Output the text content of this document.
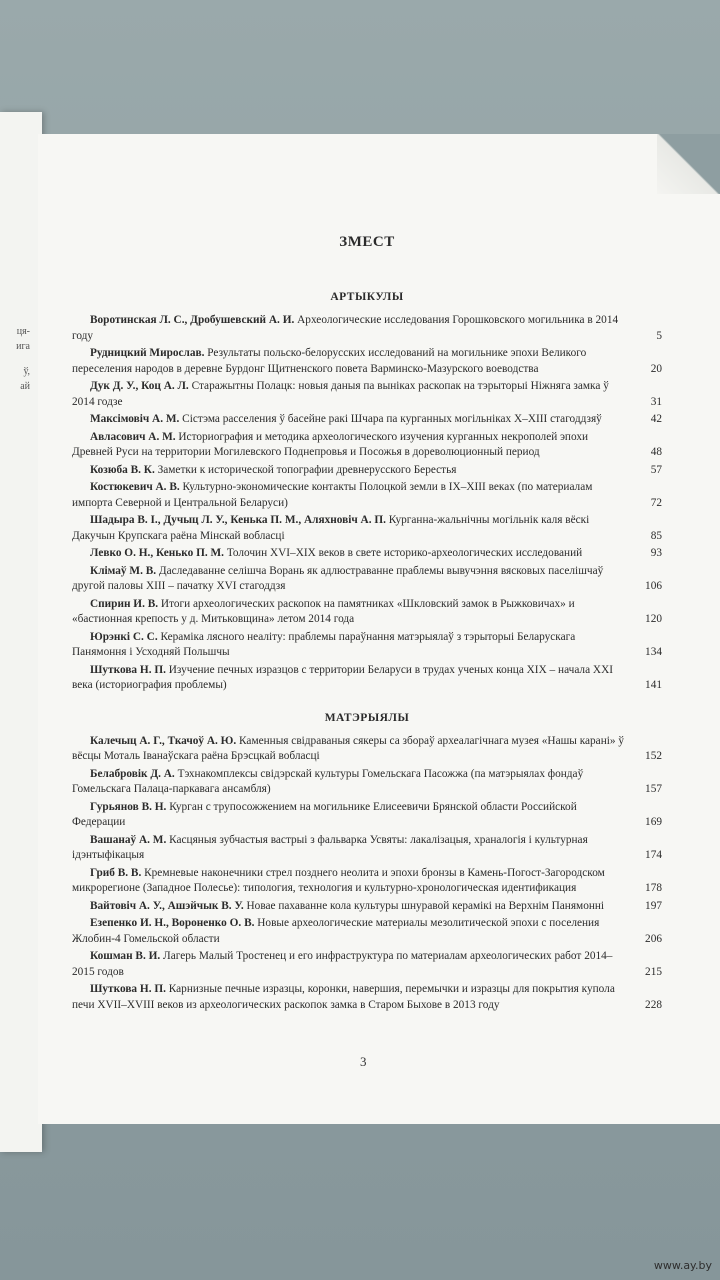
ця-
ига
ў,
ай
ЗМЕСТ
АРТЫКУЛЫ

Воротинская Л. С., Дробушевский А. И. Археологические исследования Горошковского могильника в 2014 году	5

Рудницкий Мирослав. Результаты польско-белорусских исследований на могильнике эпохи Великого переселения народов в деревне Бурдонг Щитненского повета Варминско-Мазурского воеводства	20

Дук Д. У., Коц А. Л. Старажытны Полацк: новыя даныя па выніках раскопак на тэрыторыі Ніжняга замка ў 2014 годзе	31

Максімовіч А. М. Сістэма расселения ў басейне ракі Шчара па курганных могільніках X–XIII стагоддзяў	42

Авласович А. М. Историография и методика археологического изучения курганных некрополей эпохи Древней Руси на территории Могилевского Поднепровья и Посожья в дореволюционный период	48

Козюба В. К. Заметки к исторической топографии древнерусского Берестья	57

Костюкевич А. В. Культурно-экономические контакты Полоцкой земли в IX–XIII веках (по материалам импорта Северной и Центральной Беларуси)	72

Шадыра В. І., Дучыц Л. У., Кенька П. М., Аляхновіч А. П. Курганна-жальнічны могільнік каля вёскі Дакучын Крупскага раёна Мінскай вобласці	85

Левко О. Н., Кенько П. М. Толочин XVI–XIX веков в свете историко-археологических исследований	93

Клімаў М. В. Даследаванне селішча Ворань як адлюстраванне праблемы вывучэння вясковых паселішчаў другой паловы XIII – пачатку XVI стагоддзя	106

Спирин И. В. Итоги археологических раскопок на памятниках «Шкловский замок в Рыжковичах» и «бастионная крепость у д. Митьковщина» летом 2014 года	120

Юрэнкі С. С. Кераміка лясного неаліту: праблемы параўнання матэрыялаў з тэрыторыі Беларускага Панямоння і Усходняй Польшчы	134

Шуткова Н. П. Изучение печных изразцов с территории Беларуси в трудах ученых конца XIX – начала XXI века (историография проблемы)	141
МАТЭРЫЯЛЫ

Калечыц А. Г., Ткачоў А. Ю. Каменныя свідраваныя сякеры са збораў археалагічнага музея «Нашы карані» ў вёсцы Моталь Іванаўскага раёна Брэсцкай вобласці	152

Белабровік Д. А. Тэхнакомплексы свідэрскай культуры Гомельскага Пасожжа (па матэрыялах фондаў Гомельскага Палаца-паркавага ансамбля)	157

Гурьянов В. Н. Курган с трупосожжением на могильнике Елисеевичи Брянской области Российской Федерации	169

Вашанаў А. М. Касцяныя зубчастыя вастрыі з фальварка Усвяты: лакалізацыя, храналогія і культурная ідэнтыфікацыя	174

Гриб В. В. Кремневые наконечники стрел позднего неолита и эпохи бронзы в Камень-Погост-Загородском микрорегионе (Западное Полесье): типология, технология и культурно-хронологическая идентификация	178

Вайтовіч А. У., Ашэйчык В. У. Новае пахаванне кола культуры шнуравой керамікі на Верхнім Панямонні	197

Езепенко И. Н., Вороненко О. В. Новые археологические материалы мезолитической эпохи с поселения Жлобин-4 Гомельской области	206

Кошман В. И. Лагерь Малый Тростенец и его инфраструктура по материалам археологических работ 2014–2015 годов	215

Шуткова Н. П. Карнизные печные изразцы, коронки, навершия, перемычки и изразцы для покрытия купола печи XVII–XVIII веков из археологических раскопок замка в Старом Быхове в 2013 году	228
3
www.ay.by
